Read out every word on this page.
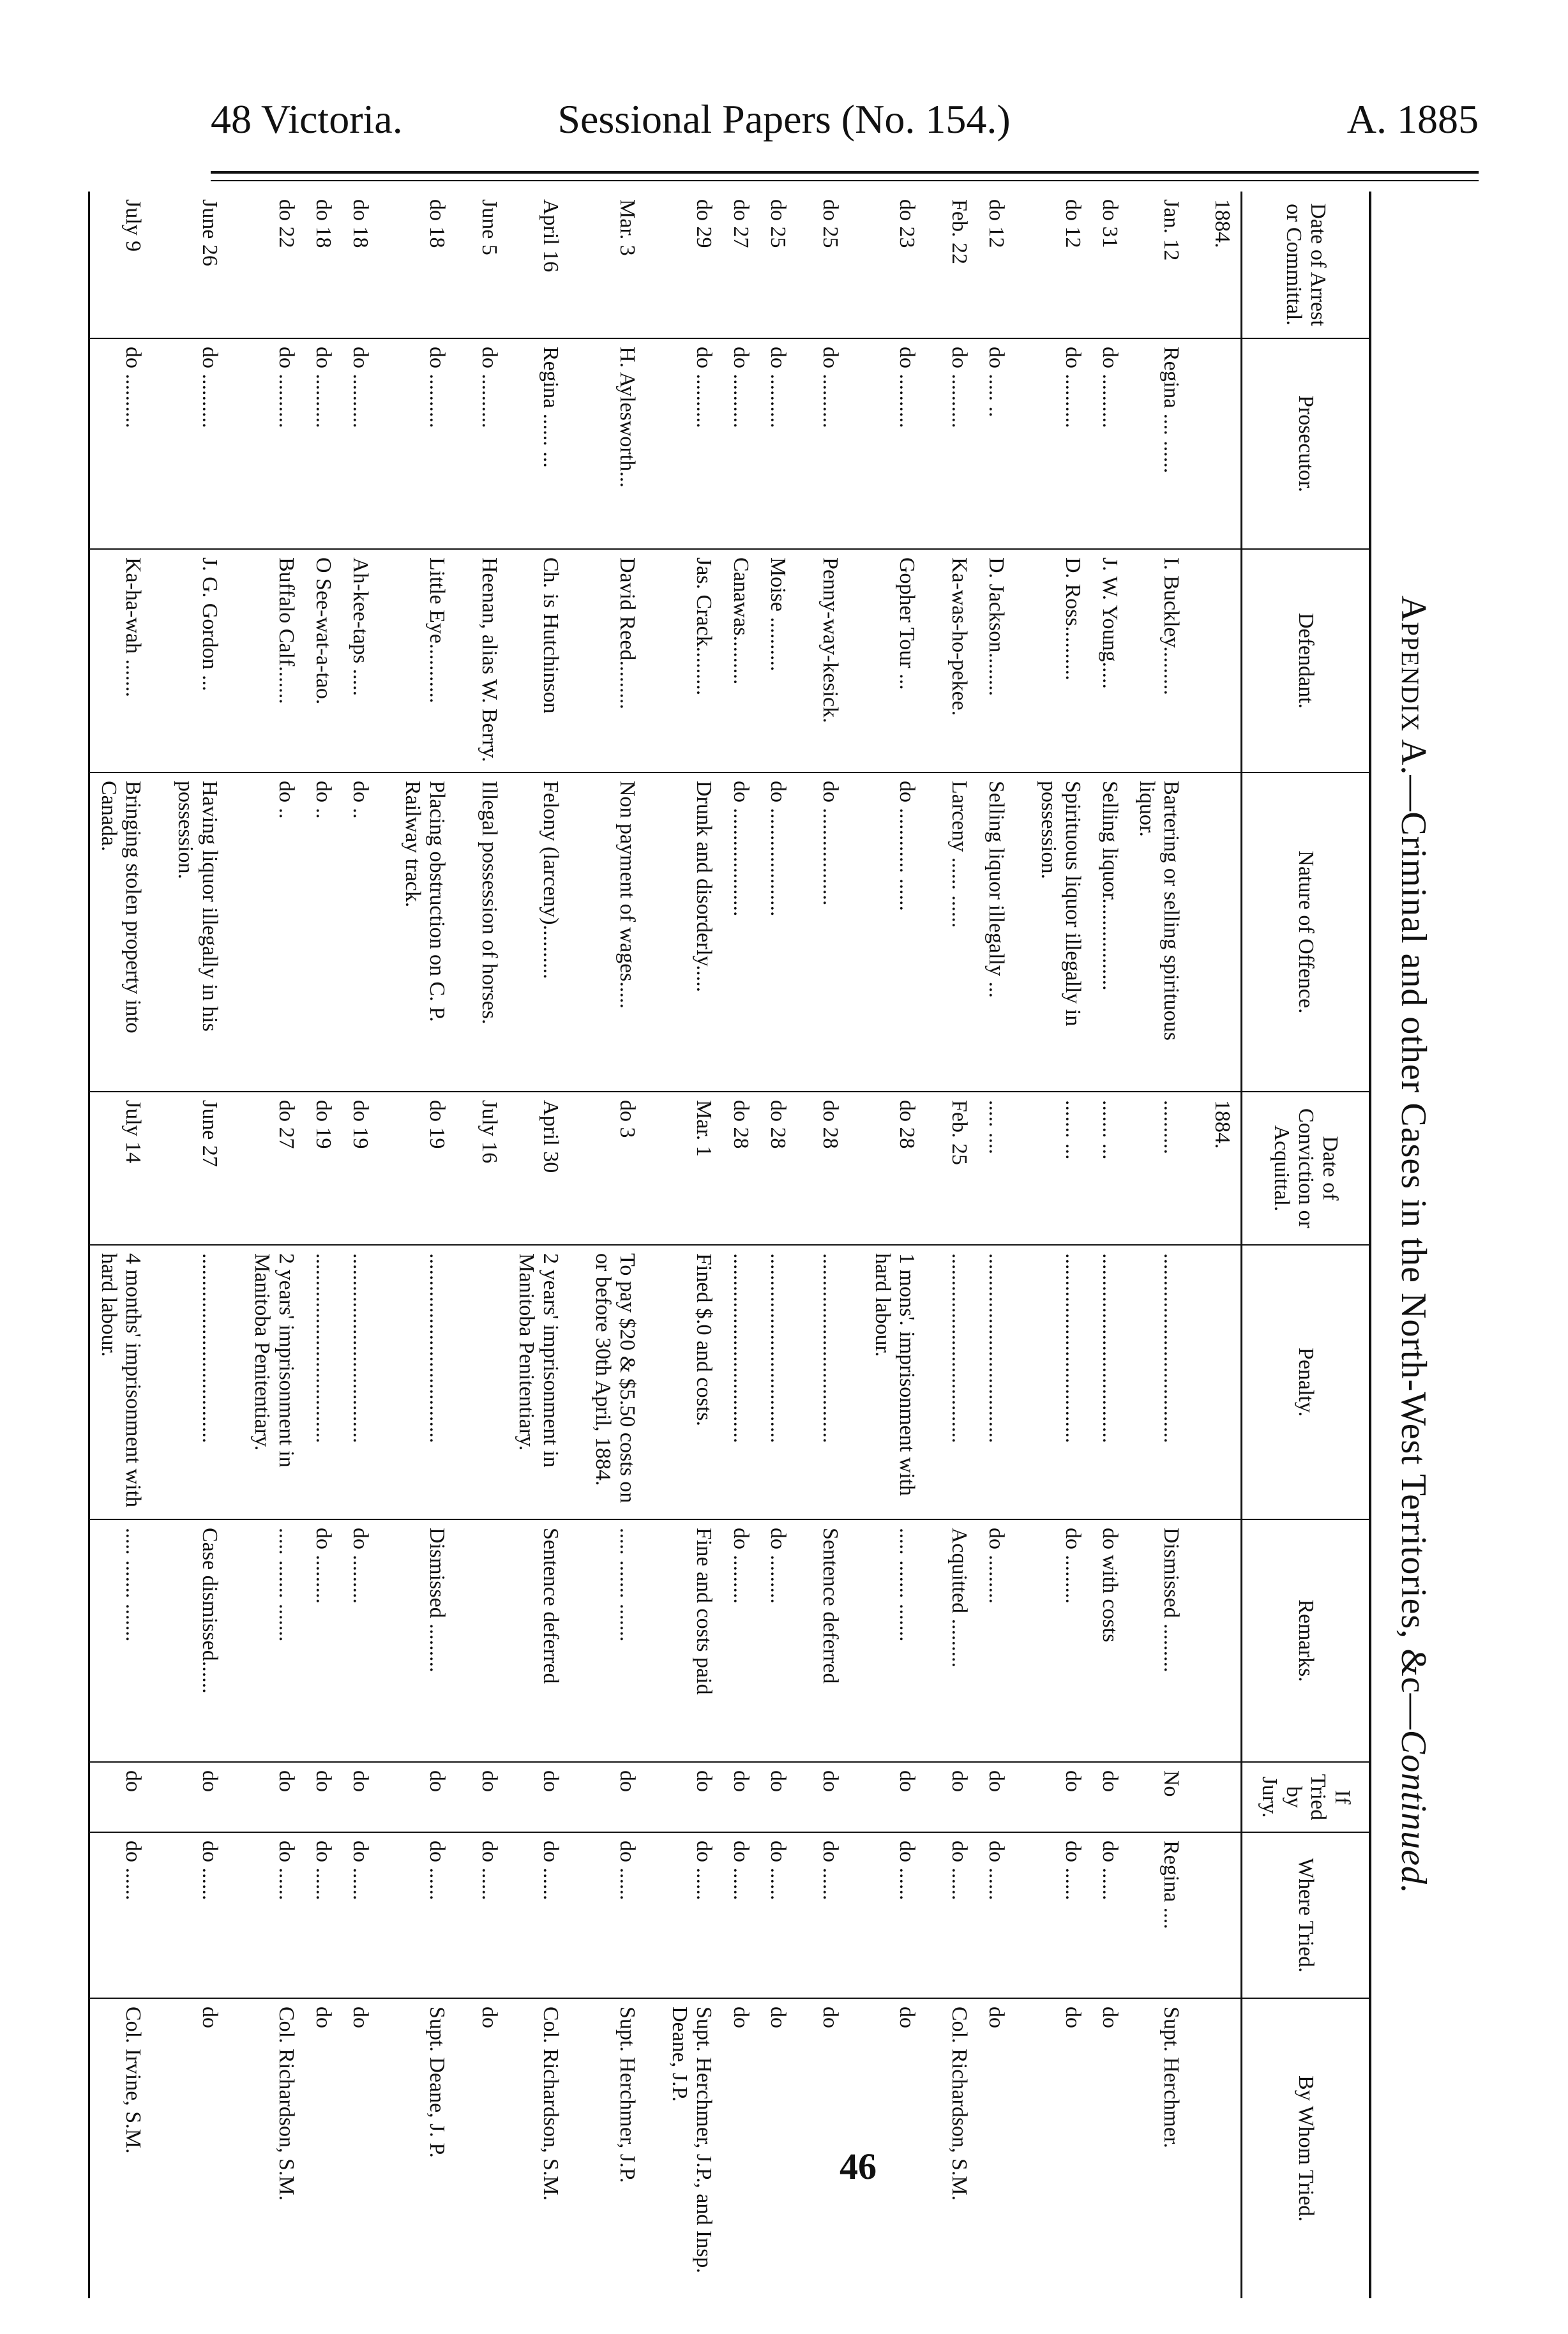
48 Victoria.	Sessional Papers (No. 154.)	A. 1885
Appendix A.—Criminal and other Cases in the North-West Territories, &c—Continued.
Date of Arrest or Committal.	Prosecutor.	Defendant.	Nature of Offence.	Date of Conviction or Acquittal.	Penalty.	Remarks.	If Tried by Jury.	Where Tried.	By Whom Tried.
1884.				1884.					
Jan. 12	Regina .... ......	I. Buckley.........	Bartering or selling spirituous liquor.	..........	...................................	Dismissed .........	No	Regina ....	Supt. Herchmer.
do 31	do ..........	J. W. Young.....	Selling liquor.................	....... ...	...................................	do with costs	do	do ......	do
do 12	do ..........	D. Ross..........	Spirituous liquor illegally in possession.	....... ...	...................................	do .........	do	do ......	do

do 12	do ..... ..	D. Jackson........	Selling liquor illegally ...	..... ....	...................................	do .........	do	do ......	do
Feb. 22	do ..........	Ka-was-ho-pekee.	Larceny ...... ......	Feb. 25	...................................	Acquitted .........	do	do ......	Col. Richardson, S.M.

do 23	do ..........	Gopher Tour ...	do ............ ......	do 28	1 mons'. imprisonment with hard labour.	..... ....... .......	do	do ......	do

do 25	do ..........	Penny-way-kesick.	do ..................	do 28	...................................	Sentence deferred	do	do ......	do

do 25	do ..........	Moise ..........	do ....................	do 28	...................................	do .........	do	do ......	do
do 27	do ..........	Canawas.........	do ....................	do 28	...................................	do .........	do	do ......	do
do 29	do ..........	Jas. Crack.........	Drunk and disorderly.....	Mar. 1	Fined $.0 and costs.	Fine and costs paid	do	do ......	Supt. Herchmer, J.P., and Insp. Deane, J.P.

Mar. 3	H. Aylesworth...	David Reed.........	Non payment of wages.....	do 3	To pay $20 & $5.50 costs on or before 30th April, 1884.	..... ....... .......	do	do ......	Supt. Herchmer, J.P.

April 16	Regina ...... ...	Ch. is Hutchinson	Felony (larceny)..........	April 30	2 years' imprisonment in Manitoba Penitentiary.	Sentence deferred	do	do ......	Col. Richardson, S.M.
June 5	do ..........	Heenan, alias W. Berry.	Illegal possession of horses.	July 16			do	do ......	do

do 18	do ..........	Little Eye...........	Placing obstruction on C. P. Railway track.	do 19	...................................	Dismissed .........	do	do ......	Supt. Deane, J. P.

do 18	do ..........	Ah-kee-taps .....	do ..	do 19	...................................	do .........	do	do ......	do
do 18	do ..........	O See-wat-a-tao.	do ..	do 19	...................................	do .........	do	do ......	do
do 22	do ..........	Buffalo Calf.......	do ..	do 27	2 years' imprisonment in Manitoba Penitentiary.	..... ....... .......	do	do ......	Col. Richardson, S.M.

June 26	do ..........	J. G. Gordon ...	Having liquor illegally in his possession.	June 27	...................................	Case dismissed......	do	do ......	do

July 9	do ..........	Ka-ha-wah .......	Bringing stolen property into Canada.	July 14	4 months' imprisonment with hard labour.	..... ....... .......	do	do ......	Col. Irvine, S.M.
46
